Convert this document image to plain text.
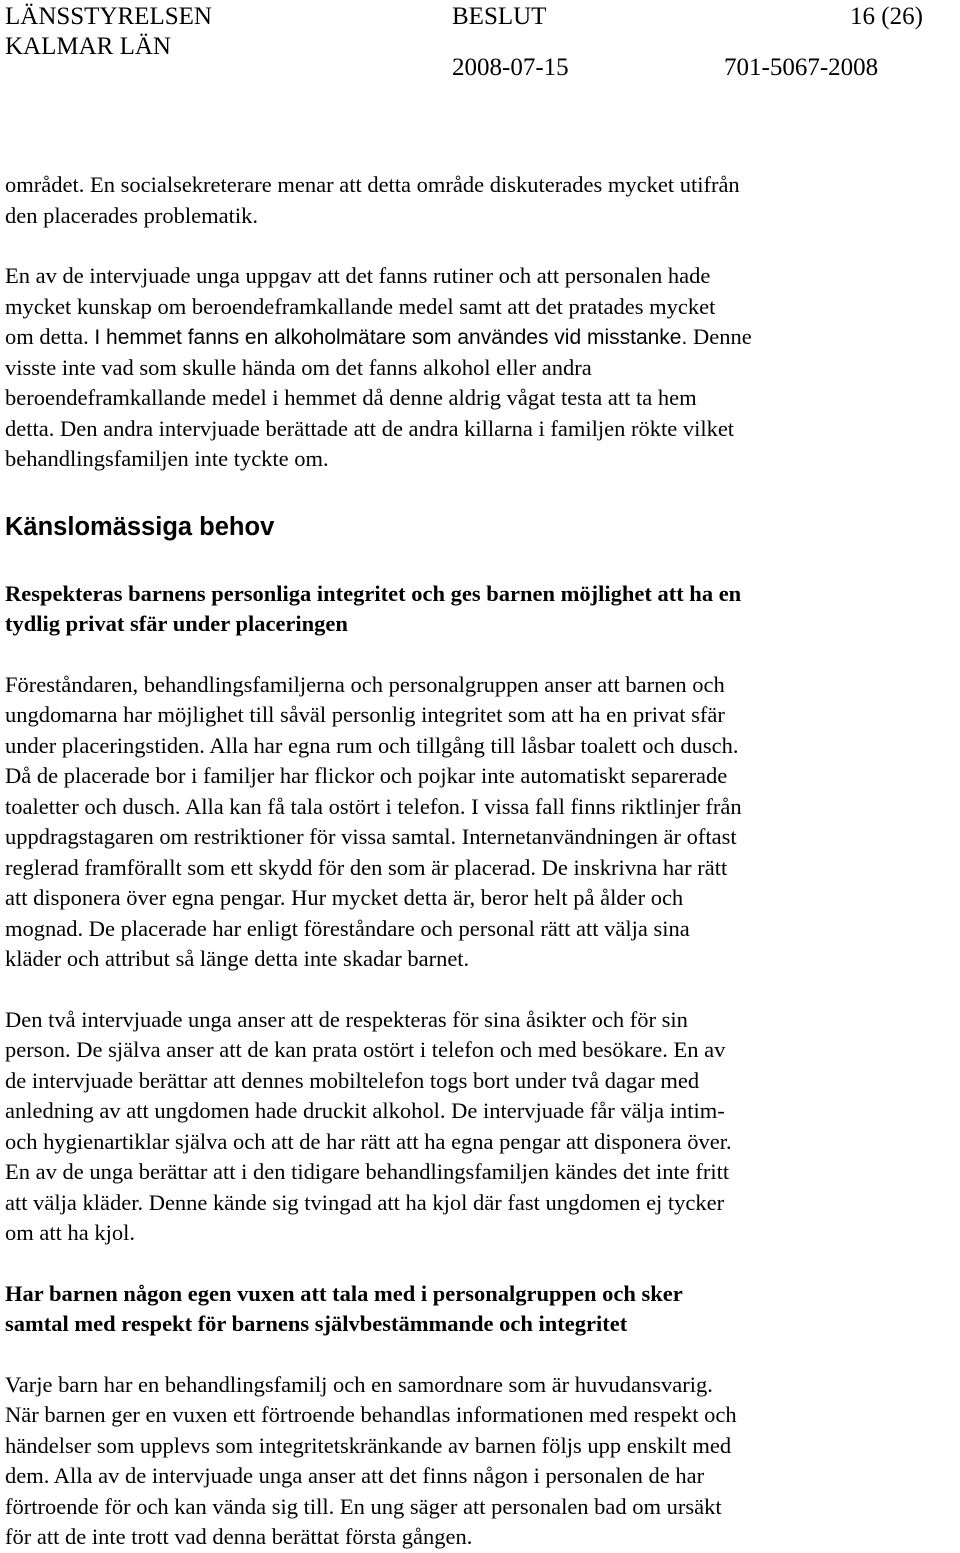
LÄNSSTYRELSEN
KALMAR LÄN
BESLUT
2008-07-15
16 (26)
701-5067-2008
området. En socialsekreterare menar att detta område diskuterades mycket utifrån
den placerades problematik.
En av de intervjuade unga uppgav att det fanns rutiner och att personalen hade
mycket kunskap om beroendeframkallande medel samt att det pratades mycket
om detta. I hemmet fanns en alkoholmätare som användes vid misstanke. Denne
visste inte vad som skulle hända om det fanns alkohol eller andra
beroendeframkallande medel i hemmet då denne aldrig vågat testa att ta hem
detta. Den andra intervjuade berättade att de andra killarna i familjen rökte vilket
behandlingsfamiljen inte tyckte om.
Känslomässiga behov
Respekteras barnens personliga integritet och ges barnen möjlighet att ha en
tydlig privat sfär under placeringen
Föreståndaren, behandlingsfamiljerna och personalgruppen anser att barnen och
ungdomarna har möjlighet till såväl personlig integritet som att ha en privat sfär
under placeringstiden. Alla har egna rum och tillgång till låsbar toalett och dusch.
Då de placerade bor i familjer har flickor och pojkar inte automatiskt separerade
toaletter och dusch. Alla kan få tala ostört i telefon. I vissa fall finns riktlinjer från
uppdragstagaren om restriktioner för vissa samtal. Internetanvändningen är oftast
reglerad framförallt som ett skydd för den som är placerad. De inskrivna har rätt
att disponera över egna pengar. Hur mycket detta är, beror helt på ålder och
mognad. De placerade har enligt föreståndare och personal rätt att välja sina
kläder och attribut så länge detta inte skadar barnet.
Den två intervjuade unga anser att de respekteras för sina åsikter och för sin
person. De själva anser att de kan prata ostört i telefon och med besökare. En av
de intervjuade berättar att dennes mobiltelefon togs bort under två dagar med
anledning av att ungdomen hade druckit alkohol. De intervjuade får välja intim-
och hygienartiklar själva och att de har rätt att ha egna pengar att disponera över.
En av de unga berättar att i den tidigare behandlingsfamiljen kändes det inte fritt
att välja kläder. Denne kände sig tvingad att ha kjol där fast ungdomen ej tycker
om att ha kjol.
Har barnen någon egen vuxen att tala med i personalgruppen och sker
samtal med respekt för barnens självbestämmande och integritet
Varje barn har en behandlingsfamilj och en samordnare som är huvudansvarig.
När barnen ger en vuxen ett förtroende behandlas informationen med respekt och
händelser som upplevs som integritetskränkande av barnen följs upp enskilt med
dem. Alla av de intervjuade unga anser att det finns någon i personalen de har
förtroende för och kan vända sig till. En ung säger att personalen bad om ursäkt
för att de inte trott vad denna berättat första gången.
